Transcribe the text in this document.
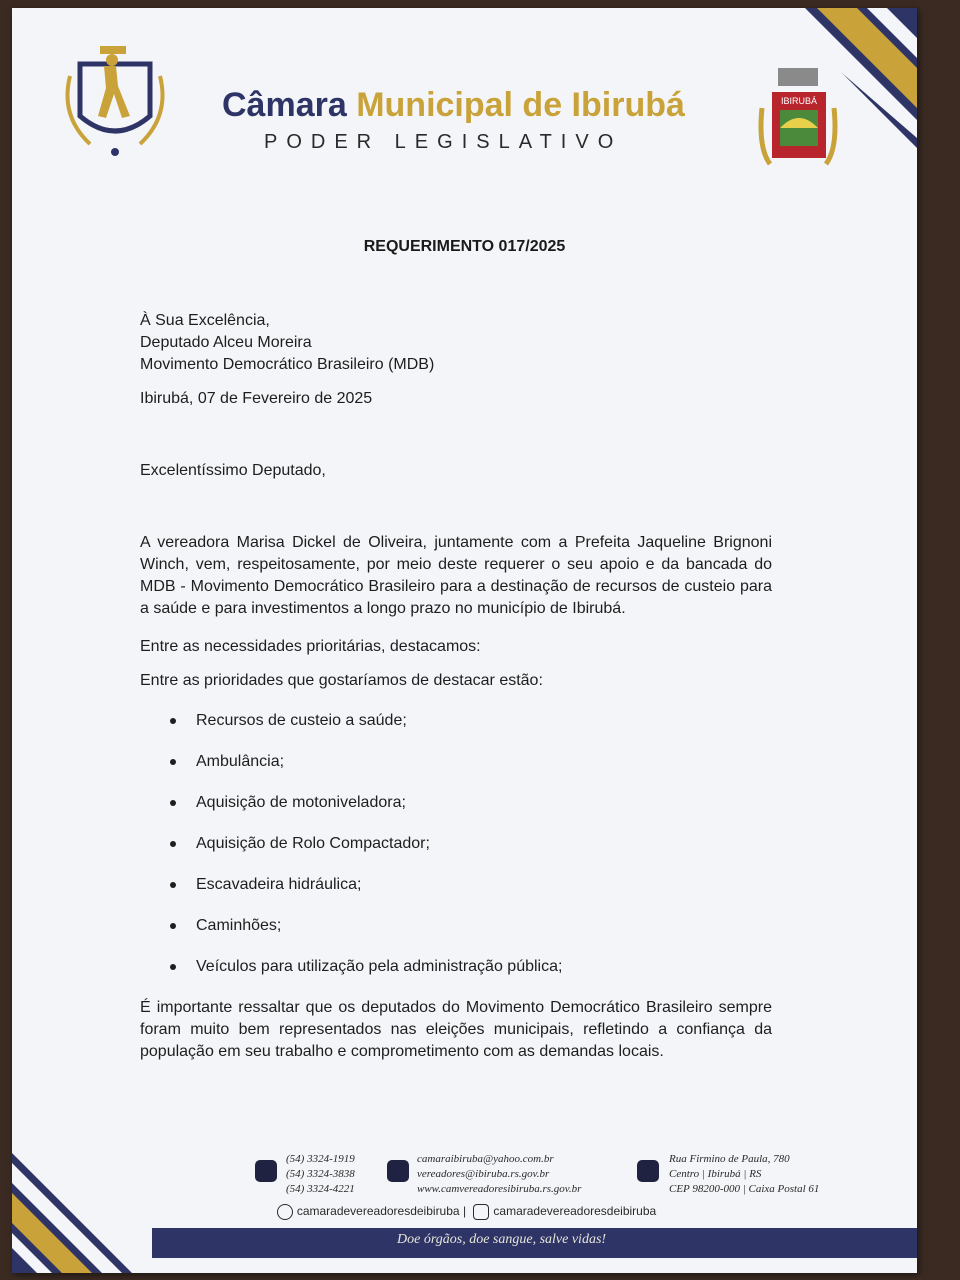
Câmara Municipal de Ibirubá
PODER LEGISLATIVO
IBIRUBÁ
REQUERIMENTO 017/2025

À Sua Excelência,

Deputado Alceu Moreira

Movimento Democrático Brasileiro (MDB)

Ibirubá, 07 de Fevereiro de 2025

Excelentíssimo Deputado,

A vereadora Marisa Dickel de Oliveira, juntamente com a Prefeita Jaqueline Brignoni Winch, vem, respeitosamente, por meio deste requerer o seu apoio e da bancada do MDB - Movimento Democrático Brasileiro para a destinação de recursos de custeio para a saúde e para investimentos a longo prazo no município de Ibirubá.

Entre as necessidades prioritárias, destacamos:

Entre as prioridades que gostaríamos de destacar estão:

Recursos de custeio a saúde;
Ambulância;
Aquisição de motoniveladora;
Aquisição de Rolo Compactador;
Escavadeira hidráulica;
Caminhões;
Veículos para utilização pela administração pública;

É importante ressaltar que os deputados do Movimento Democrático Brasileiro sempre foram muito bem representados nas eleições municipais, refletindo a confiança da população em seu trabalho e comprometimento com as demandas locais.

(54) 3324-1919
(54) 3324-3838
(54) 3324-4221
camaraibiruba@yahoo.com.br
vereadores@ibiruba.rs.gov.br
www.camvereadoresibiruba.rs.gov.br
Rua Firmino de Paula, 780
Centro | Ibirubá | RS
CEP 98200-000 | Caixa Postal 61
camaradevereadoresdeibiruba | camaradevereadoresdeibiruba
Doe órgãos, doe sangue, salve vidas!
